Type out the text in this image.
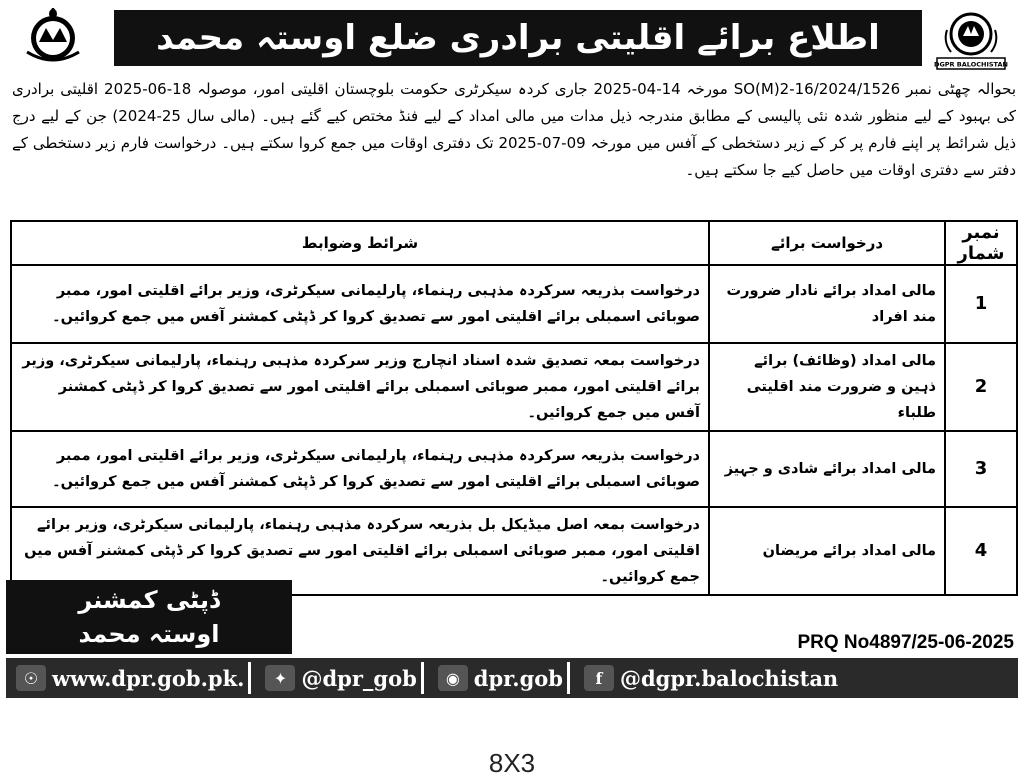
اطلاع برائے اقلیتی برادری ضلع اوستہ محمد
DGPR BALOCHISTAN
بحوالہ چھٹی نمبر SO(M)2-16/2024/1526 مورخہ 14-04-2025 جاری کردہ سیکرٹری حکومت بلوچستان اقلیتی امور، موصولہ 18-06-2025 اقلیتی برادری کی بہبود کے لیے منظور شدہ نئی پالیسی کے مطابق مندرجہ ذیل مدات میں مالی امداد کے لیے فنڈ مختص کیے گئے ہیں۔ (مالی سال 25-2024) جن کے لیے درج ذیل شرائط پر اپنے فارم پر کر کے زیر دستخطی کے آفس میں مورخہ 09-07-2025 تک دفتری اوقات میں جمع کروا سکتے ہیں۔ درخواست فارم زیر دستخطی کے دفتر سے دفتری اوقات میں حاصل کیے جا سکتے ہیں۔
نمبر شمار	درخواست برائے	شرائط وضوابط
1	مالی امداد برائے نادار ضرورت مند افراد	درخواست بذریعہ سرکردہ مذہبی رہنماء، پارلیمانی سیکرٹری، وزیر برائے اقلیتی امور، ممبر صوبائی اسمبلی برائے اقلیتی امور سے تصدیق کروا کر ڈپٹی کمشنر آفس میں جمع کروائیں۔
2	مالی امداد (وظائف) برائے ذہین و ضرورت مند اقلیتی طلباء	درخواست بمعہ تصدیق شدہ اسناد انچارج وزیر سرکردہ مذہبی رہنماء، پارلیمانی سیکرٹری، وزیر برائے اقلیتی امور، ممبر صوبائی اسمبلی برائے اقلیتی امور سے تصدیق کروا کر ڈپٹی کمشنر آفس میں جمع کروائیں۔
3	مالی امداد برائے شادی و جہیز	درخواست بذریعہ سرکردہ مذہبی رہنماء، پارلیمانی سیکرٹری، وزیر برائے اقلیتی امور، ممبر صوبائی اسمبلی برائے اقلیتی امور سے تصدیق کروا کر ڈپٹی کمشنر آفس میں جمع کروائیں۔
4	مالی امداد برائے مریضان	درخواست بمعہ اصل میڈیکل بل بذریعہ سرکردہ مذہبی رہنماء، پارلیمانی سیکرٹری، وزیر برائے اقلیتی امور، ممبر صوبائی اسمبلی برائے اقلیتی امور سے تصدیق کروا کر ڈپٹی کمشنر آفس میں جمع کروائیں۔
ڈپٹی کمشنر
اوستہ محمد	PRQ No4897/25-06-2025
☉ www.dpr.gob.pk.	✦ @dpr_gob	◉ dpr.gob	f @dgpr.balochistan
8X3
